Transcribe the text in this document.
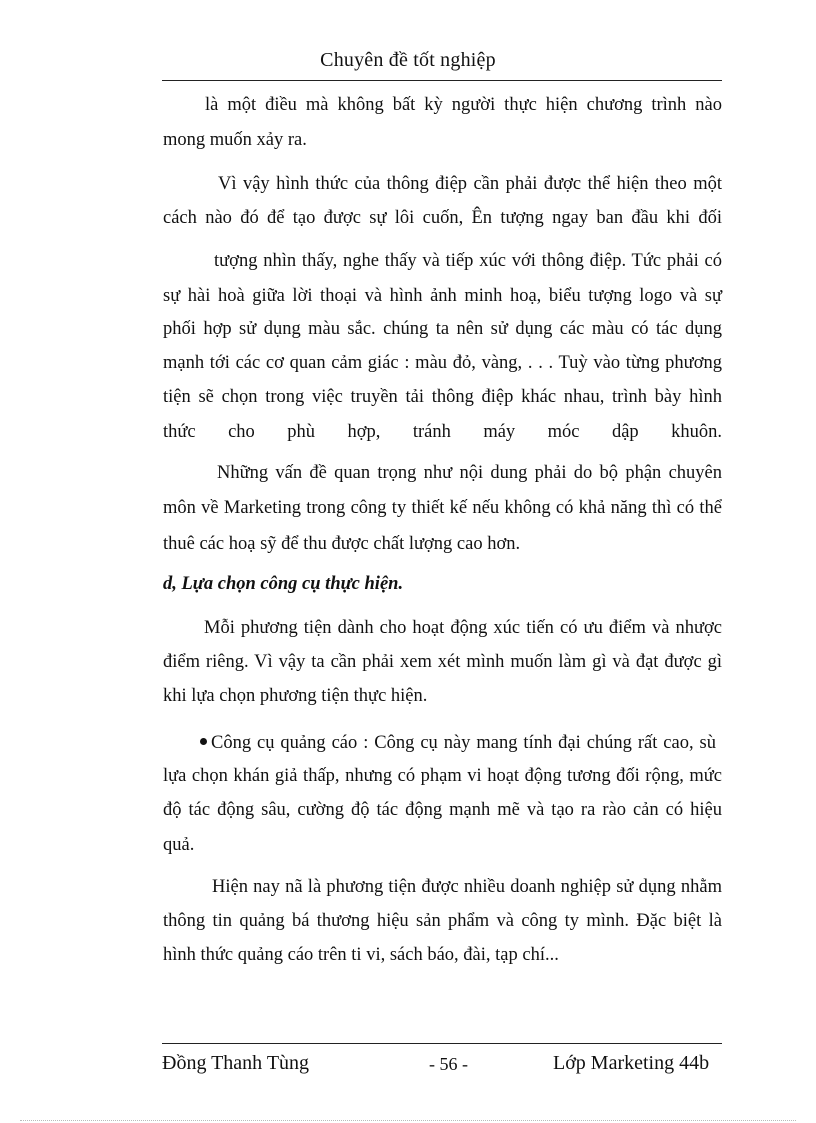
Chuyên đề tốt nghiệp
là một điều mà không bất kỳ người thực hiện chương trình nào
mong muốn xảy ra.
Vì vậy hình thức của thông điệp cần phải được thể hiện theo một
cách nào đó để tạo được sự lôi cuốn, Ên tượng ngay ban đầu khi đối
tượng nhìn thấy, nghe thấy và tiếp xúc với thông điệp. Tức phải có
sự hài hoà giữa lời thoại và hình ảnh minh hoạ, biểu tượng logo và sự
phối hợp sử dụng màu sắc. chúng ta nên sử dụng các màu có tác dụng
mạnh tới các cơ quan cảm giác : màu đỏ, vàng, . . . Tuỳ vào từng phương
tiện sẽ chọn trong việc truyền tải thông điệp khác nhau, trình bày hình
thức cho phù hợp, tránh máy móc dập khuôn.
Những vấn đề quan trọng như nội dung phải do bộ phận chuyên
môn về Marketing trong công ty thiết kế nếu không có khả năng thì có thể
thuê các hoạ sỹ để thu được chất lượng cao hơn.
d, Lựa chọn công cụ thực hiện.
Mỗi phương tiện dành cho hoạt động xúc tiến có ưu điểm và nhược
điểm riêng. Vì vậy ta cần phải xem xét mình muốn làm gì và đạt được gì
khi lựa chọn phương tiện thực hiện.
Công cụ quảng cáo : Công cụ này mang tính đại chúng rất cao, sù
lựa chọn khán giả thấp, nhưng có phạm vi hoạt động tương đối rộng, mức
độ tác động sâu, cường độ tác động mạnh mẽ và tạo ra rào cản có hiệu
quả.
Hiện nay nã là phương tiện được nhiều doanh nghiệp sử dụng nhằm
thông tin quảng bá thương hiệu sản phẩm và công ty mình. Đặc biệt là
hình thức quảng cáo trên ti vi, sách báo, đài, tạp chí...
Đồng Thanh Tùng	- 56 -	Lớp Marketing 44b
